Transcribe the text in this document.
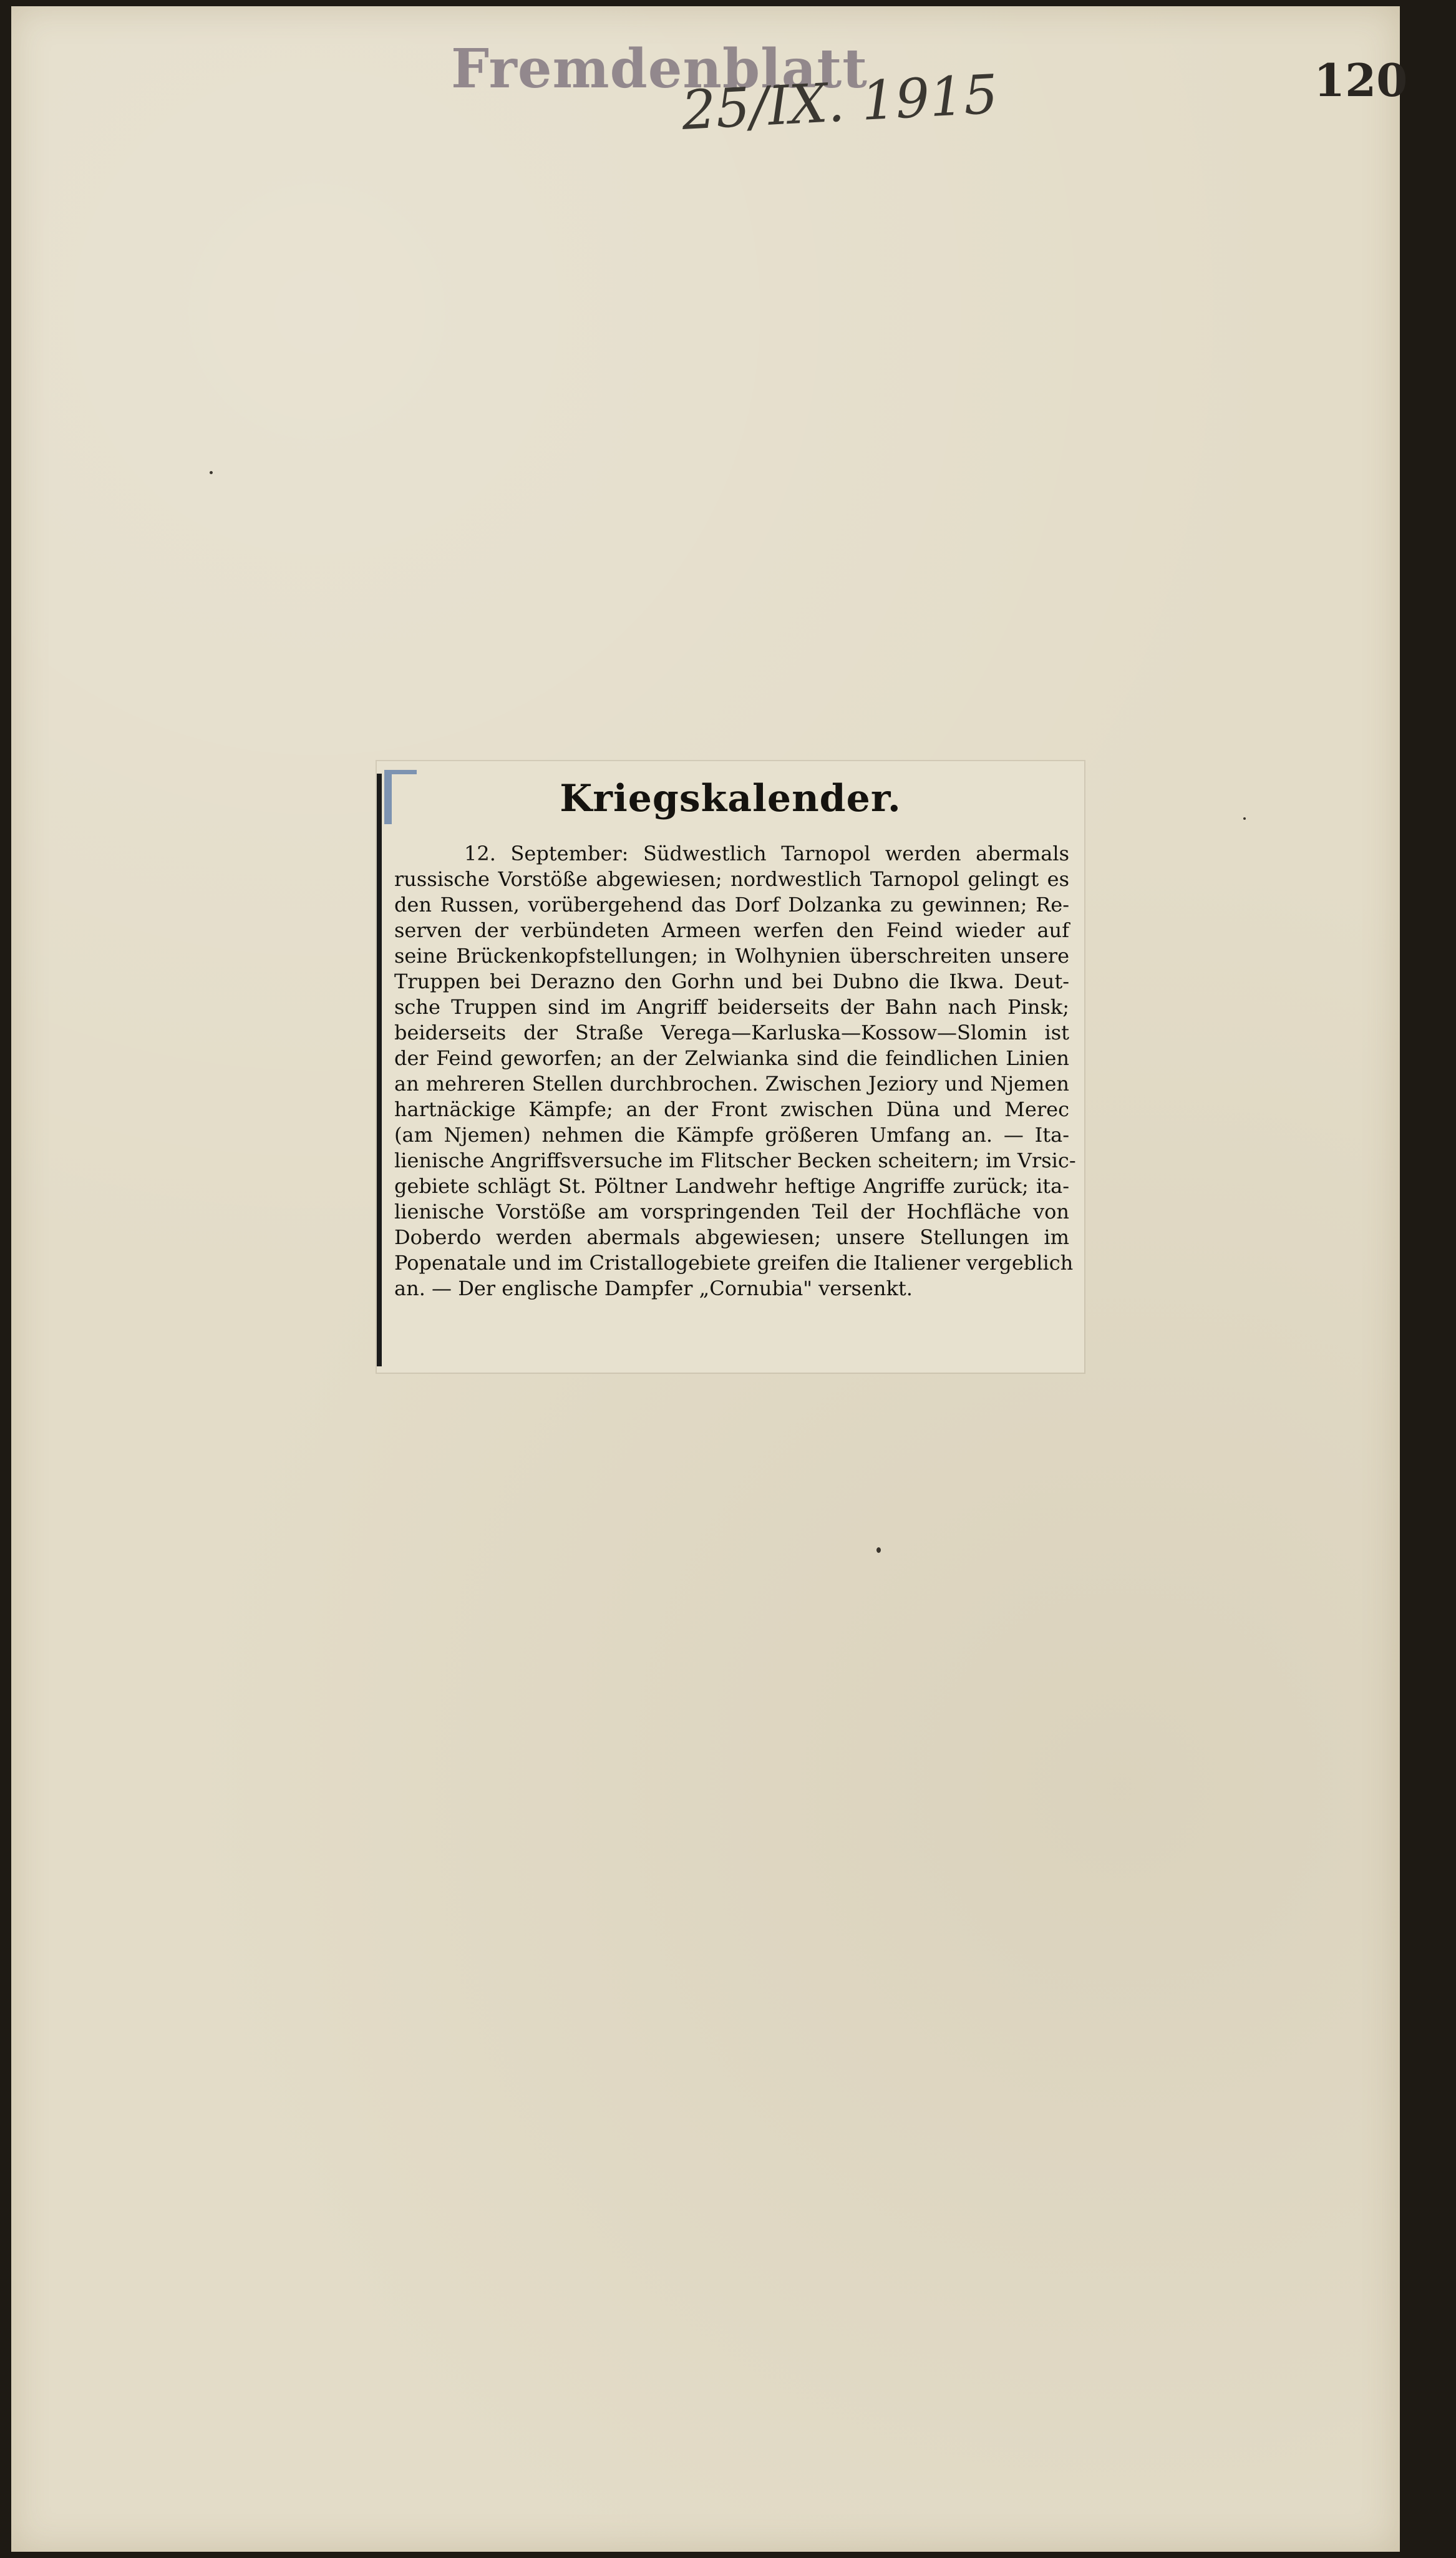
Fremdenblatt
25/IX. 1915	120
Kriegskalender.
12. September: Südwestlich Tarnopol werden abermals
russische Vorstöße abgewiesen; nordwestlich Tarnopol gelingt es
den Russen, vorübergehend das Dorf Dolzanka zu gewinnen; Re-
serven der verbündeten Armeen werfen den Feind wieder auf
seine Brückenkopfstellungen; in Wolhynien überschreiten unsere
Truppen bei Derazno den Gorhn und bei Dubno die Ikwa. Deut-
sche Truppen sind im Angriff beiderseits der Bahn nach Pinsk;
beiderseits der Straße Verega—Karluska—Kossow—Slomin ist
der Feind geworfen; an der Zelwianka sind die feindlichen Linien
an mehreren Stellen durchbrochen. Zwischen Jeziory und Njemen
hartnäckige Kämpfe; an der Front zwischen Düna und Merec
(am Njemen) nehmen die Kämpfe größeren Umfang an. — Ita-
lienische Angriffsversuche im Flitscher Becken scheitern; im Vrsic-
gebiete schlägt St. Pöltner Landwehr heftige Angriffe zurück; ita-
lienische Vorstöße am vorspringenden Teil der Hochfläche von
Doberdo werden abermals abgewiesen; unsere Stellungen im
Popenatale und im Cristallogebiete greifen die Italiener vergeblich
an. — Der englische Dampfer „Cornubia" versenkt.
